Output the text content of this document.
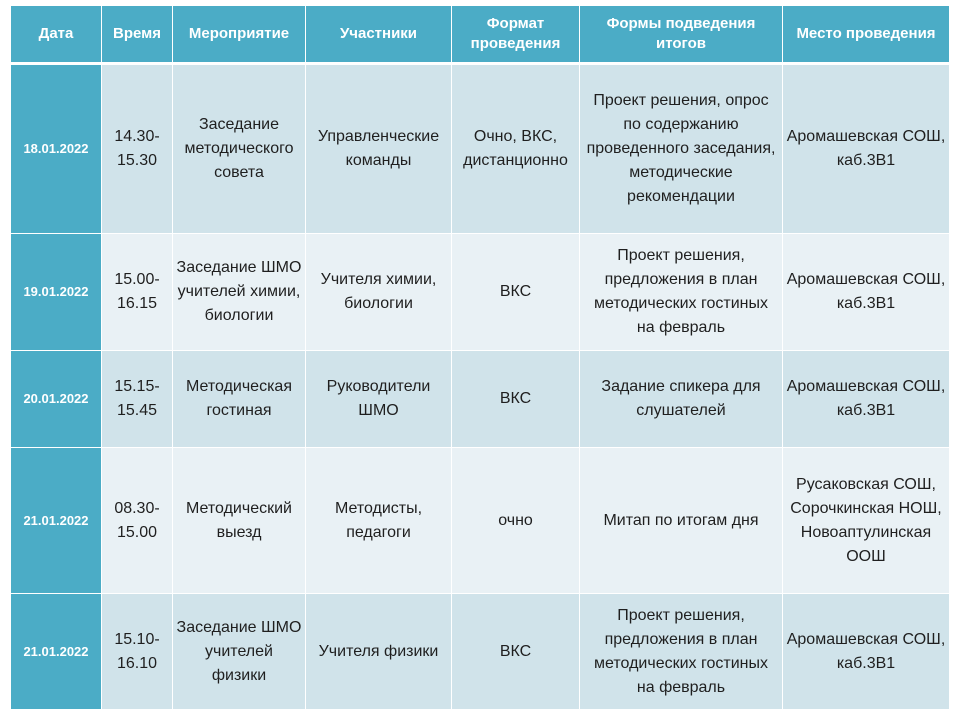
Дата	Время	Мероприятие	Участники	Формат проведения	Формы подведения итогов	Место проведения
18.01.2022	14.30-15.30	Заседание методического совета	Управленческие команды	Очно, ВКС, дистанционно	Проект решения, опрос по содержанию проведенного заседания, методические рекомендации	Аромашевская СОШ, каб.3В1
19.01.2022	15.00-16.15	Заседание ШМО учителей химии, биологии	Учителя химии, биологии	ВКС	Проект решения, предложения в план методических гостиных на февраль	Аромашевская СОШ, каб.3В1
20.01.2022	15.15-15.45	Методическая гостиная	Руководители ШМО	ВКС	Задание спикера для слушателей	Аромашевская СОШ, каб.3В1
21.01.2022	08.30-15.00	Методический выезд	Методисты, педагоги	очно	Митап по итогам дня	Русаковская СОШ, Сорочкинская НОШ, Новоаптулинская ООШ
21.01.2022	15.10-16.10	Заседание ШМО учителей физики	Учителя физики	ВКС	Проект решения, предложения в план методических гостиных на февраль	Аромашевская СОШ, каб.3В1
